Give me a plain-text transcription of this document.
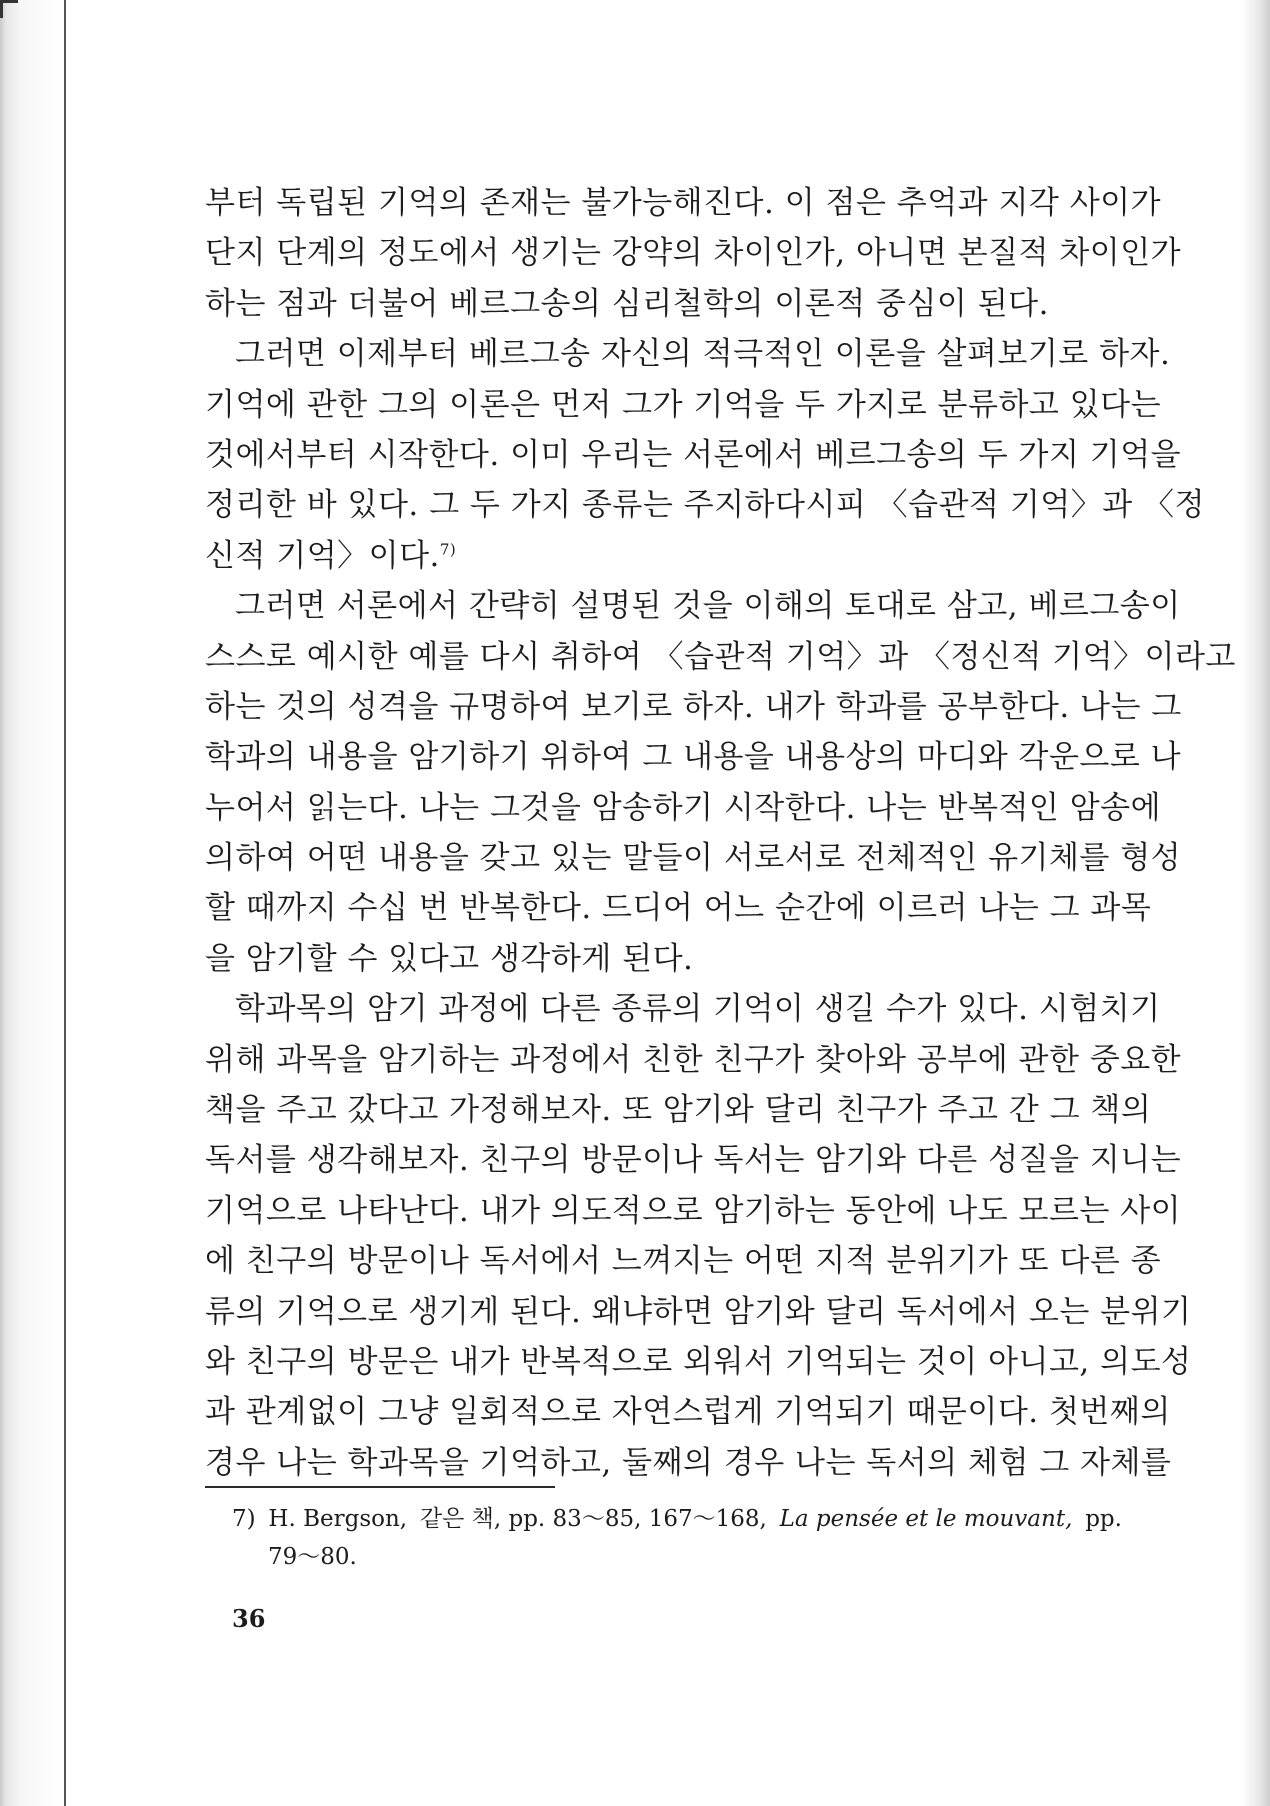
부터 독립된 기억의 존재는 불가능해진다. 이 점은 추억과 지각 사이가
단지 단계의 정도에서 생기는 강약의 차이인가, 아니면 본질적 차이인가
하는 점과 더불어 베르그송의 심리철학의 이론적 중심이 된다.
그러면 이제부터 베르그송 자신의 적극적인 이론을 살펴보기로 하자.
기억에 관한 그의 이론은 먼저 그가 기억을 두 가지로 분류하고 있다는
것에서부터 시작한다. 이미 우리는 서론에서 베르그송의 두 가지 기억을
정리한 바 있다. 그 두 가지 종류는 주지하다시피 〈습관적 기억〉과 〈정
신적 기억〉이다.$^{7)}$
그러면 서론에서 간략히 설명된 것을 이해의 토대로 삼고, 베르그송이
스스로 예시한 예를 다시 취하여 〈습관적 기억〉과 〈정신적 기억〉이라고
하는 것의 성격을 규명하여 보기로 하자. 내가 학과를 공부한다. 나는 그
학과의 내용을 암기하기 위하여 그 내용을 내용상의 마디와 각운으로 나
누어서 읽는다. 나는 그것을 암송하기 시작한다. 나는 반복적인 암송에
의하여 어떤 내용을 갖고 있는 말들이 서로서로 전체적인 유기체를 형성
할 때까지 수십 번 반복한다. 드디어 어느 순간에 이르러 나는 그 과목
을 암기할 수 있다고 생각하게 된다.
학과목의 암기 과정에 다른 종류의 기억이 생길 수가 있다. 시험치기
위해 과목을 암기하는 과정에서 친한 친구가 찾아와 공부에 관한 중요한
책을 주고 갔다고 가정해보자. 또 암기와 달리 친구가 주고 간 그 책의
독서를 생각해보자. 친구의 방문이나 독서는 암기와 다른 성질을 지니는
기억으로 나타난다. 내가 의도적으로 암기하는 동안에 나도 모르는 사이
에 친구의 방문이나 독서에서 느껴지는 어떤 지적 분위기가 또 다른 종
류의 기억으로 생기게 된다. 왜냐하면 암기와 달리 독서에서 오는 분위기
와 친구의 방문은 내가 반복적으로 외워서 기억되는 것이 아니고, 의도성
과 관계없이 그냥 일회적으로 자연스럽게 기억되기 때문이다. 첫번째의
경우 나는 학과목을 기억하고, 둘째의 경우 나는 독서의 체험 그 자체를
7) H. Bergson, 같은 책, pp. 83～85, 167～168, La pensée et le mouvant, pp.
79～80.
36
